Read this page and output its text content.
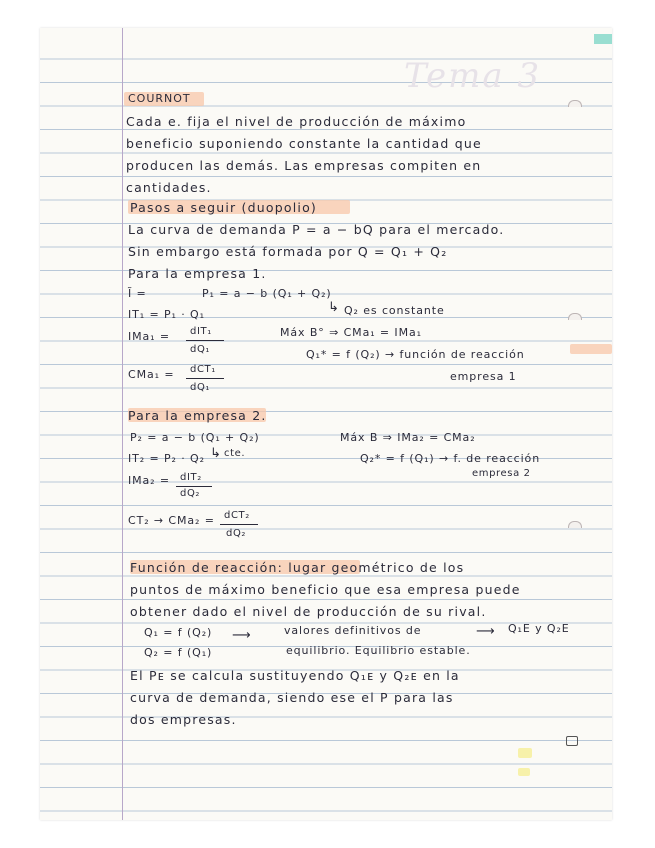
Tema 3
COURNOT
Cada e. fija el nivel de producción de máximo
beneficio suponiendo constante la cantidad que
producen las demás. Las empresas compiten en
cantidades.
Pasos a seguir (duopolio)
La curva de demanda P = a − bQ para el mercado.
Sin embargo está formada por Q = Q₁ + Q₂
Para la empresa 1.
Ĩ =	P₁ = a − b (Q₁ + Q₂)
↳ Q₂ es constante
IT₁ = P₁ · Q₁
IMa₁ = dIT₁
dQ₁
Máx B° ⇒ CMa₁ = IMa₁
Q₁* = f (Q₂) → función de reacción
empresa 1
CMa₁ = dCT₁
dQ₁
Para la empresa 2.
P₂ = a − b (Q₁ + Q₂)	Máx B ⇒ IMa₂ = CMa₂
IT₂ = P₂ · Q₂ ↳ cte.	Q₂* = f (Q₁) → f. de reacción
empresa 2
IMa₂ = dIT₂
dQ₂
CT₂ → CMa₂ = dCT₂
dQ₂
Función de reacción: lugar geométrico de los
puntos de máximo beneficio que esa empresa puede
obtener dado el nivel de producción de su rival.
Q₁ = f (Q₂) ⟶	valores definitivos de	⟶ Q₁E y Q₂E
Q₂ = f (Q₁)	equilibrio. Equilibrio estable.
El Pᴇ se calcula sustituyendo Q₁ᴇ y Q₂ᴇ en la
curva de demanda, siendo ese el P para las
dos empresas.
